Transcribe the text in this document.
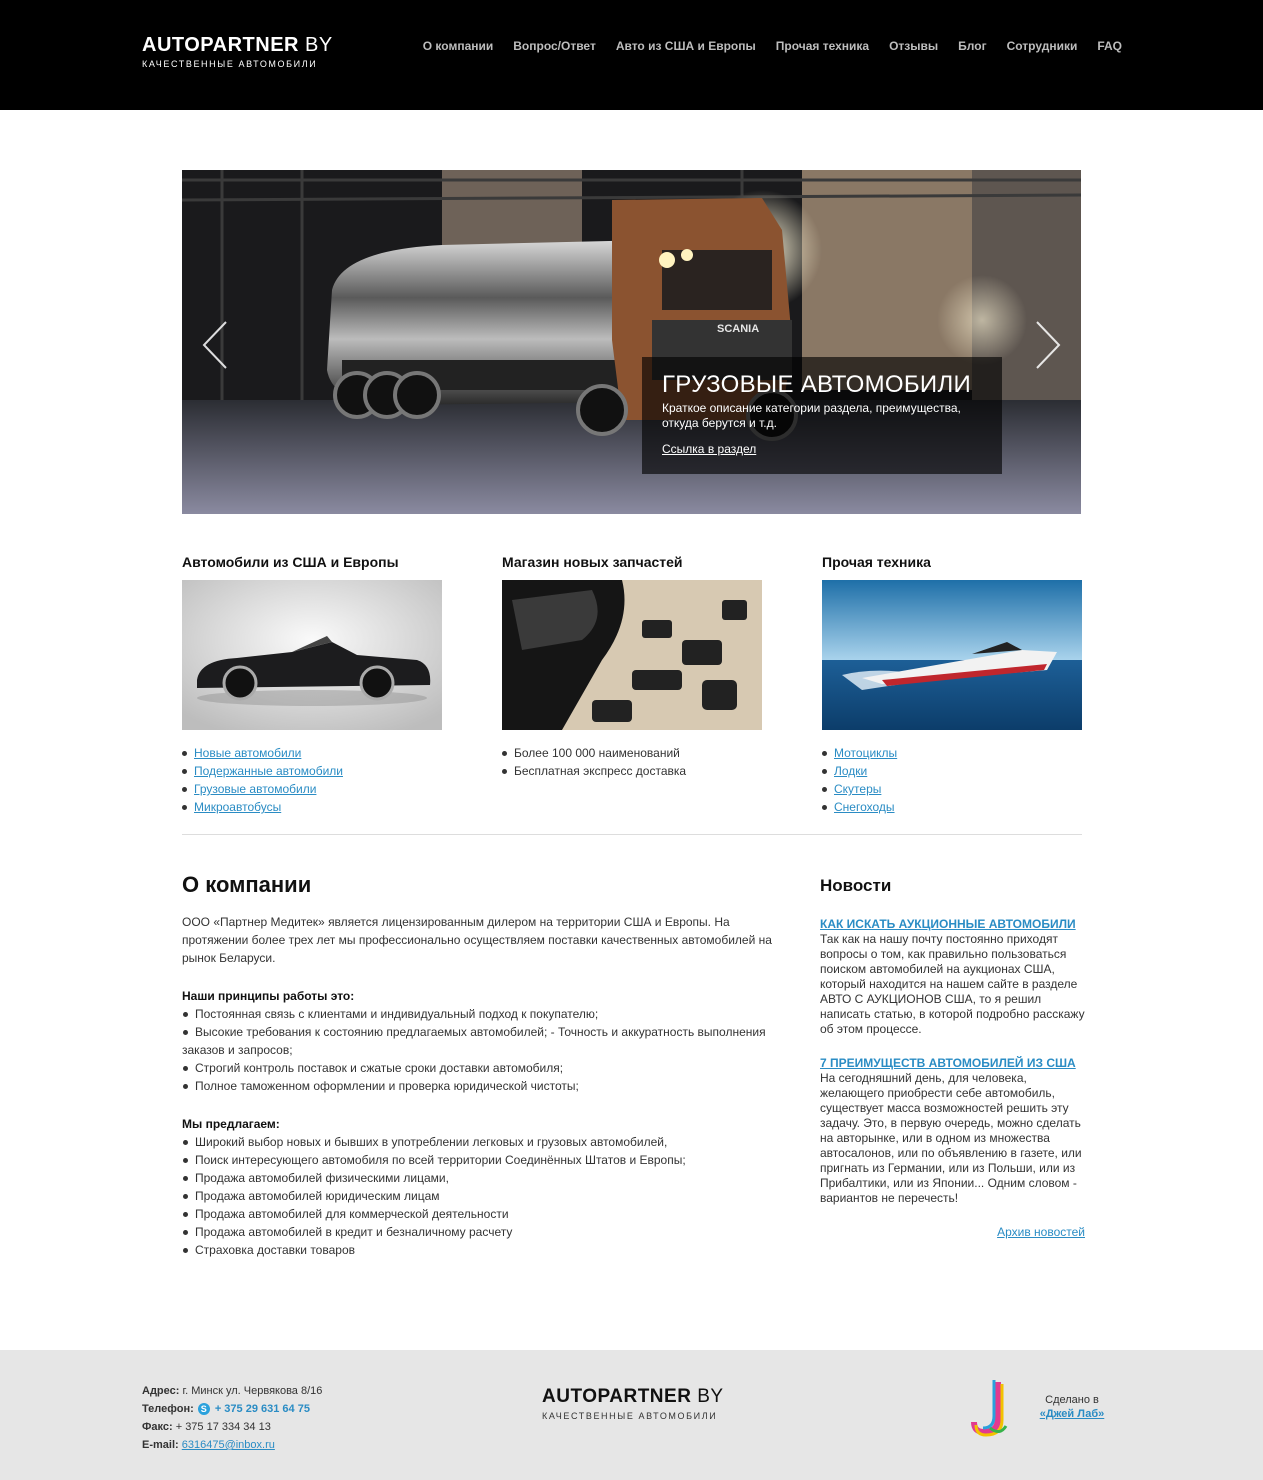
AUTOPARTNER BY
КАЧЕСТВЕННЫЕ АВТОМОБИЛИ
О компании Вопрос/Ответ Авто из США и Европы Прочая техника Отзывы Блог Сотрудники FAQ
SCANIA
ГРУЗОВЫЕ АВТОМОБИЛИ
Краткое описание категории раздела, преимущества, откуда берутся и т.д.
Ссылка в раздел
Автомобили из США и Европы
Новые автомобили
Подержанные автомобили
Грузовые автомобили
Микроавтобусы
Магазин новых запчастей
Более 100 000 наименований
Бесплатная экспресс доставка
Прочая техника
Мотоциклы
Лодки
Скутеры
Снегоходы
О компании

ООО «Партнер Медитек» является лицензированным дилером на территории США и Европы. На протяжении более трех лет мы профессионально осуществляем поставки качественных автомобилей на рынок Беларуси.

Наши принципы работы это:
Постоянная связь с клиентами и индивидуальный подход к покупателю;
Высокие требования к состоянию предлагаемых автомобилей; - Точность и аккуратность выполнения заказов и запросов;
Строгий контроль поставок и сжатые сроки доставки автомобиля;
Полное таможенном оформлении и проверка юридической чистоты;
Мы предлагаем:
Широкий выбор новых и бывших в употреблении легковых и грузовых автомобилей,
Поиск интересующего автомобиля по всей территории Соединённых Штатов и Европы;
Продажа автомобилей физическими лицами,
Продажа автомобилей юридическим лицам
Продажа автомобилей для коммерческой деятельности
Продажа автомобилей в кредит и безналичному расчету
Страховка доставки товаров
Новости
КАК ИСКАТЬ АУКЦИОННЫЕ АВТОМОБИЛИ
Так как на нашу почту постоянно приходят вопросы о том, как правильно пользоваться поиском автомобилей на аукционах США, который находится на нашем сайте в разделе АВТО С АУКЦИОНОВ США, то я решил написать статью, в которой подробно расскажу об этом процессе.
7 ПРЕИМУЩЕСТВ АВТОМОБИЛЕЙ ИЗ США
На сегодняшний день, для человека, желающего приобрести себе автомобиль, существует масса возможностей решить эту задачу. Это, в первую очередь, можно сделать на авторынке, или в одном из множества автосалонов, или по объявлению в газете, или пригнать из Германии, или из Польши, или из Прибалтики, или из Японии... Одним словом - вариантов не перечесть!
Архив новостей
Адрес: г. Минск ул. Червякова 8/16
Телефон: S + 375 29 631 64 75
Факс: + 375 17 334 34 13
E-mail: 6316475@inbox.ru
AUTOPARTNER BY
КАЧЕСТВЕННЫЕ АВТОМОБИЛИ
Сделано в
«Джей Лаб»
